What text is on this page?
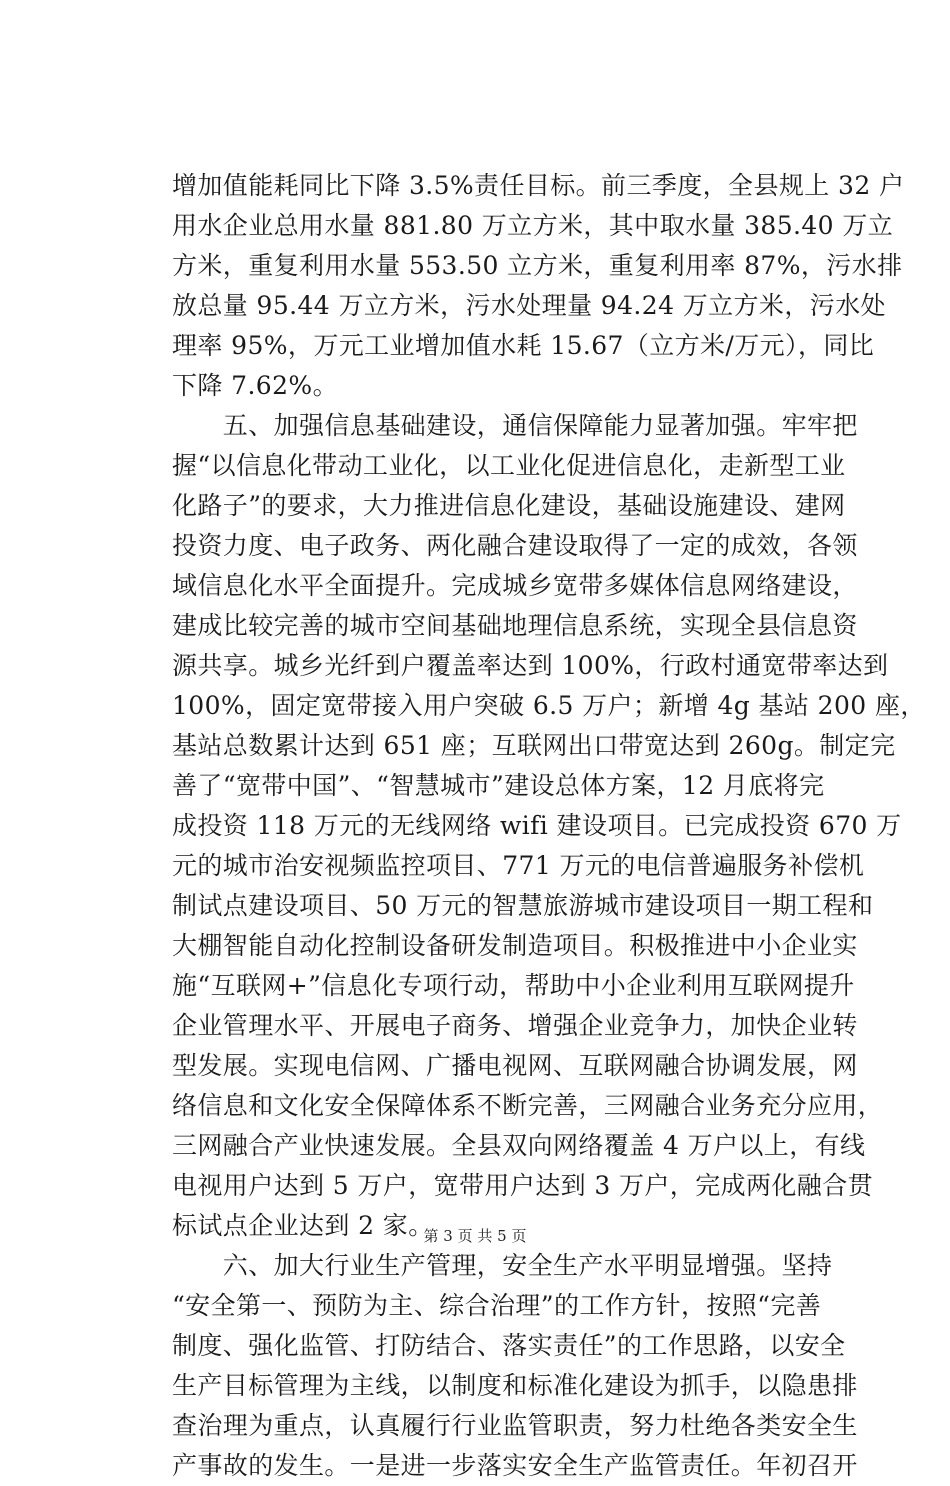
增加值能耗同比下降 3.5%责任目标。前三季度，全县规上 32 户
用水企业总用水量 881.80 万立方米，其中取水量 385.40 万立
方米，重复利用水量 553.50 立方米，重复利用率 87%，污水排
放总量 95.44 万立方米，污水处理量 94.24 万立方米，污水处
理率 95%，万元工业增加值水耗 15.67（立方米/万元），同比
下降 7.62%。
　　五、加强信息基础建设，通信保障能力显著加强。牢牢把
握“以信息化带动工业化，以工业化促进信息化，走新型工业
化路子”的要求，大力推进信息化建设，基础设施建设、建网
投资力度、电子政务、两化融合建设取得了一定的成效，各领
域信息化水平全面提升。完成城乡宽带多媒体信息网络建设，
建成比较完善的城市空间基础地理信息系统，实现全县信息资
源共享。城乡光纤到户覆盖率达到 100%，行政村通宽带率达到
100%，固定宽带接入用户突破 6.5 万户；新增 4g 基站 200 座，
基站总数累计达到 651 座；互联网出口带宽达到 260g。制定完
善了“宽带中国”、“智慧城市”建设总体方案，12 月底将完
成投资 118 万元的无线网络 wifi 建设项目。已完成投资 670 万
元的城市治安视频监控项目、771 万元的电信普遍服务补偿机
制试点建设项目、50 万元的智慧旅游城市建设项目一期工程和
大棚智能自动化控制设备研发制造项目。积极推进中小企业实
施“互联网+”信息化专项行动，帮助中小企业利用互联网提升
企业管理水平、开展电子商务、增强企业竞争力，加快企业转
型发展。实现电信网、广播电视网、互联网融合协调发展，网
络信息和文化安全保障体系不断完善，三网融合业务充分应用，
三网融合产业快速发展。全县双向网络覆盖 4 万户以上，有线
电视用户达到 5 万户，宽带用户达到 3 万户，完成两化融合贯
标试点企业达到 2 家。
　　六、加大行业生产管理，安全生产水平明显增强。坚持
“安全第一、预防为主、综合治理”的工作方针，按照“完善
制度、强化监管、打防结合、落实责任”的工作思路，以安全
生产目标管理为主线，以制度和标准化建设为抓手，以隐患排
查治理为重点，认真履行行业监管职责，努力杜绝各类安全生
产事故的发生。一是进一步落实安全生产监管责任。年初召开
第 3 页 共 5 页
